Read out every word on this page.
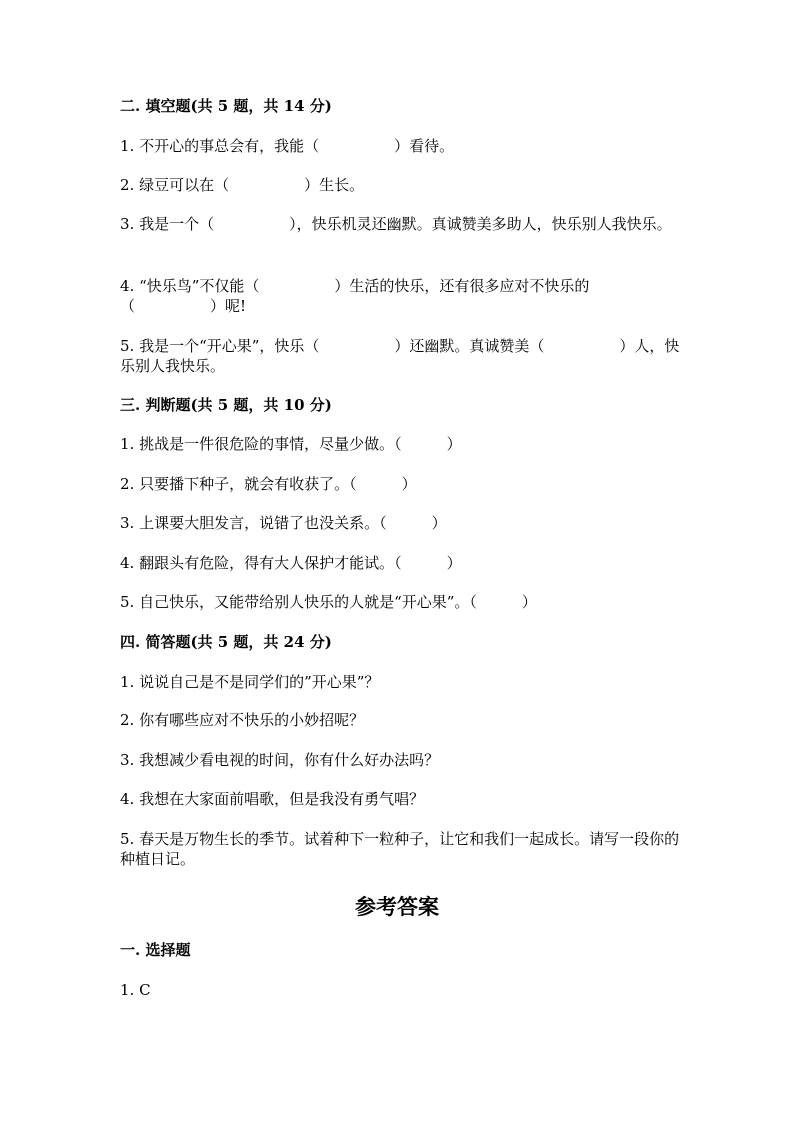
二. 填空题(共 5 题，共 14 分)
1. 不开心的事总会有，我能（　　　　　）看待。
2. 绿豆可以在（　　　　　）生长。
3. 我是一个（　　　　　），快乐机灵还幽默。真诚赞美多助人，快乐别人我快乐。
4. “快乐鸟”不仅能（　　　　　）生活的快乐，还有很多应对不快乐的（　　　　　）呢!
5. 我是一个“开心果”，快乐（　　　　　）还幽默。真诚赞美（　　　　　）人，快乐别人我快乐。
三. 判断题(共 5 题，共 10 分)
1. 挑战是一件很危险的事情，尽量少做。（　　　）
2. 只要播下种子，就会有收获了。（　　　）
3. 上课要大胆发言，说错了也没关系。（　　　）
4. 翻跟头有危险，得有大人保护才能试。（　　　）
5. 自己快乐，又能带给别人快乐的人就是“开心果”。（　　　）
四. 简答题(共 5 题，共 24 分)
1. 说说自己是不是同学们的”开心果”？
2. 你有哪些应对不快乐的小妙招呢？
3. 我想减少看电视的时间，你有什么好办法吗？
4. 我想在大家面前唱歌，但是我没有勇气唱？
5. 春天是万物生长的季节。试着种下一粒种子，让它和我们一起成长。请写一段你的种植日记。
参考答案
一. 选择题
1. C
